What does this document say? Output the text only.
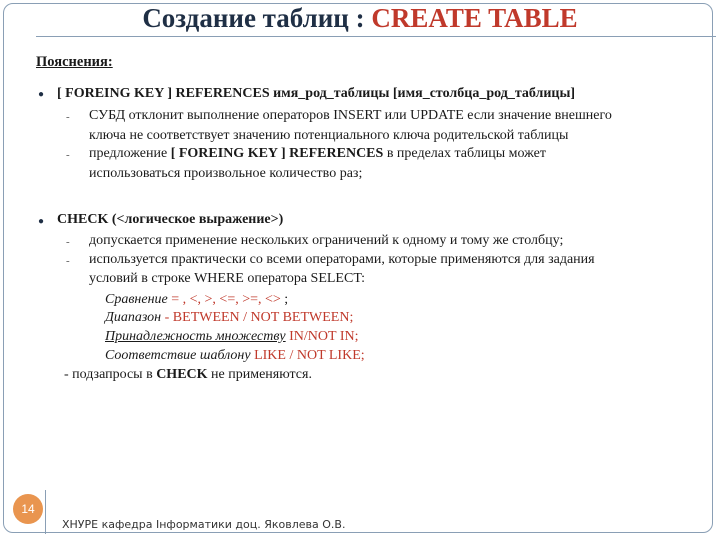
Создание таблиц : CREATE TABLE
Пояснения:
● [ FOREING KEY ] REFERENCES имя_род_таблицы [имя_столбца_род_таблицы]
- СУБД отклонит выполнение операторов INSERT или UPDATE если значение внешнего
ключа не соответствует значению потенциального ключа родительской таблицы
- предложение [ FOREING KEY ] REFERENCES в пределах таблицы может
использоваться произвольное количество раз;
● CHECK (<логическое выражение>)
- допускается применение нескольких ограничений к одному и тому же столбцу;
- используется практически со всеми операторами, которые применяются для задания
условий в строке WHERE оператора SELECT:
Сравнение = , <, >, <=, >=, <> ;
Диапазон - BETWEEN / NOT BETWEEN;
Принадлежность множеству IN/NOT IN;
Соответствие шаблону LIKE / NOT LIKE;
- подзапросы в CHECK не применяются.
14
ХНУРЕ кафедра Інформатики доц. Яковлева О.В.
